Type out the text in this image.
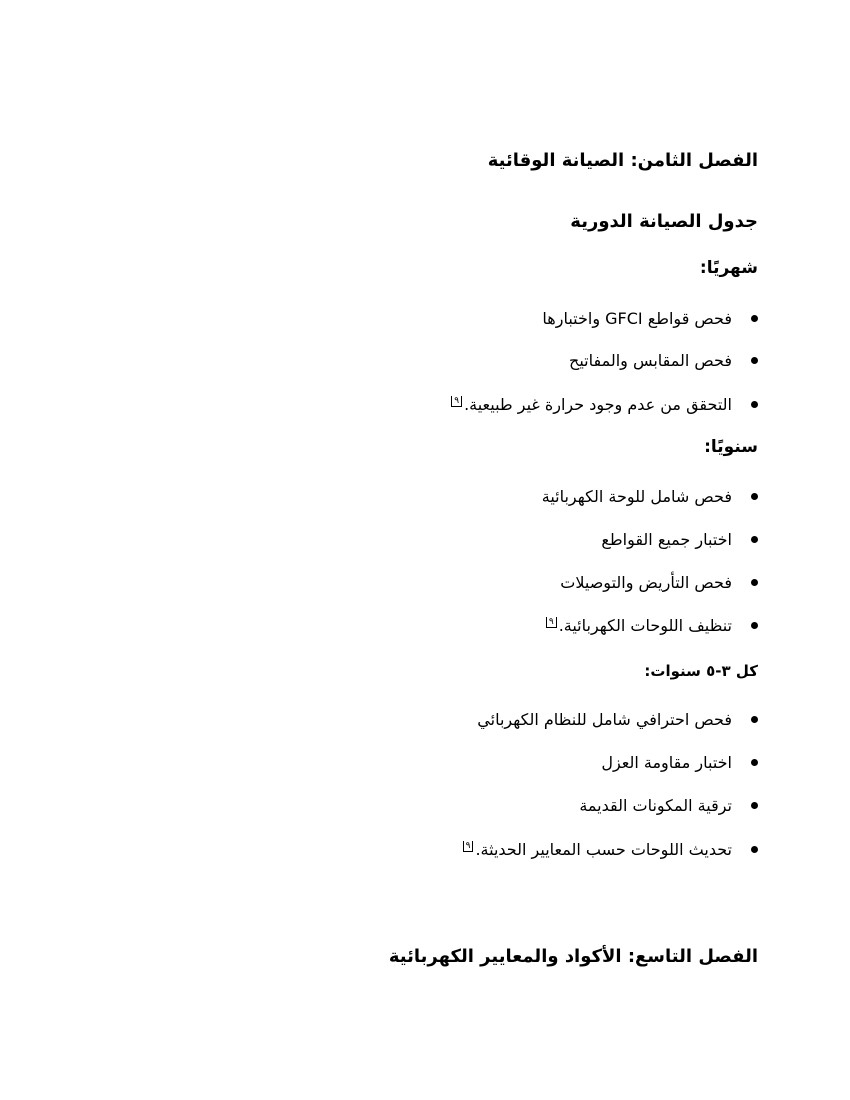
الفصل الثامن: الصيانة الوقائية
جدول الصيانة الدورية
شهريًا:
فحص قواطع GFCI واختبارها
فحص المقابس والمفاتيح
التحقق من عدم وجود حرارة غير طبيعية.
٩
سنويًا:
فحص شامل للوحة الكهربائية
اختبار جميع القواطع
فحص التأريض والتوصيلات
تنظيف اللوحات الكهربائية.
٩
كل ٣-٥ سنوات:
فحص احترافي شامل للنظام الكهربائي
اختبار مقاومة العزل
ترقية المكونات القديمة
تحديث اللوحات حسب المعايير الحديثة.
٩
الفصل التاسع: الأكواد والمعايير الكهربائية
